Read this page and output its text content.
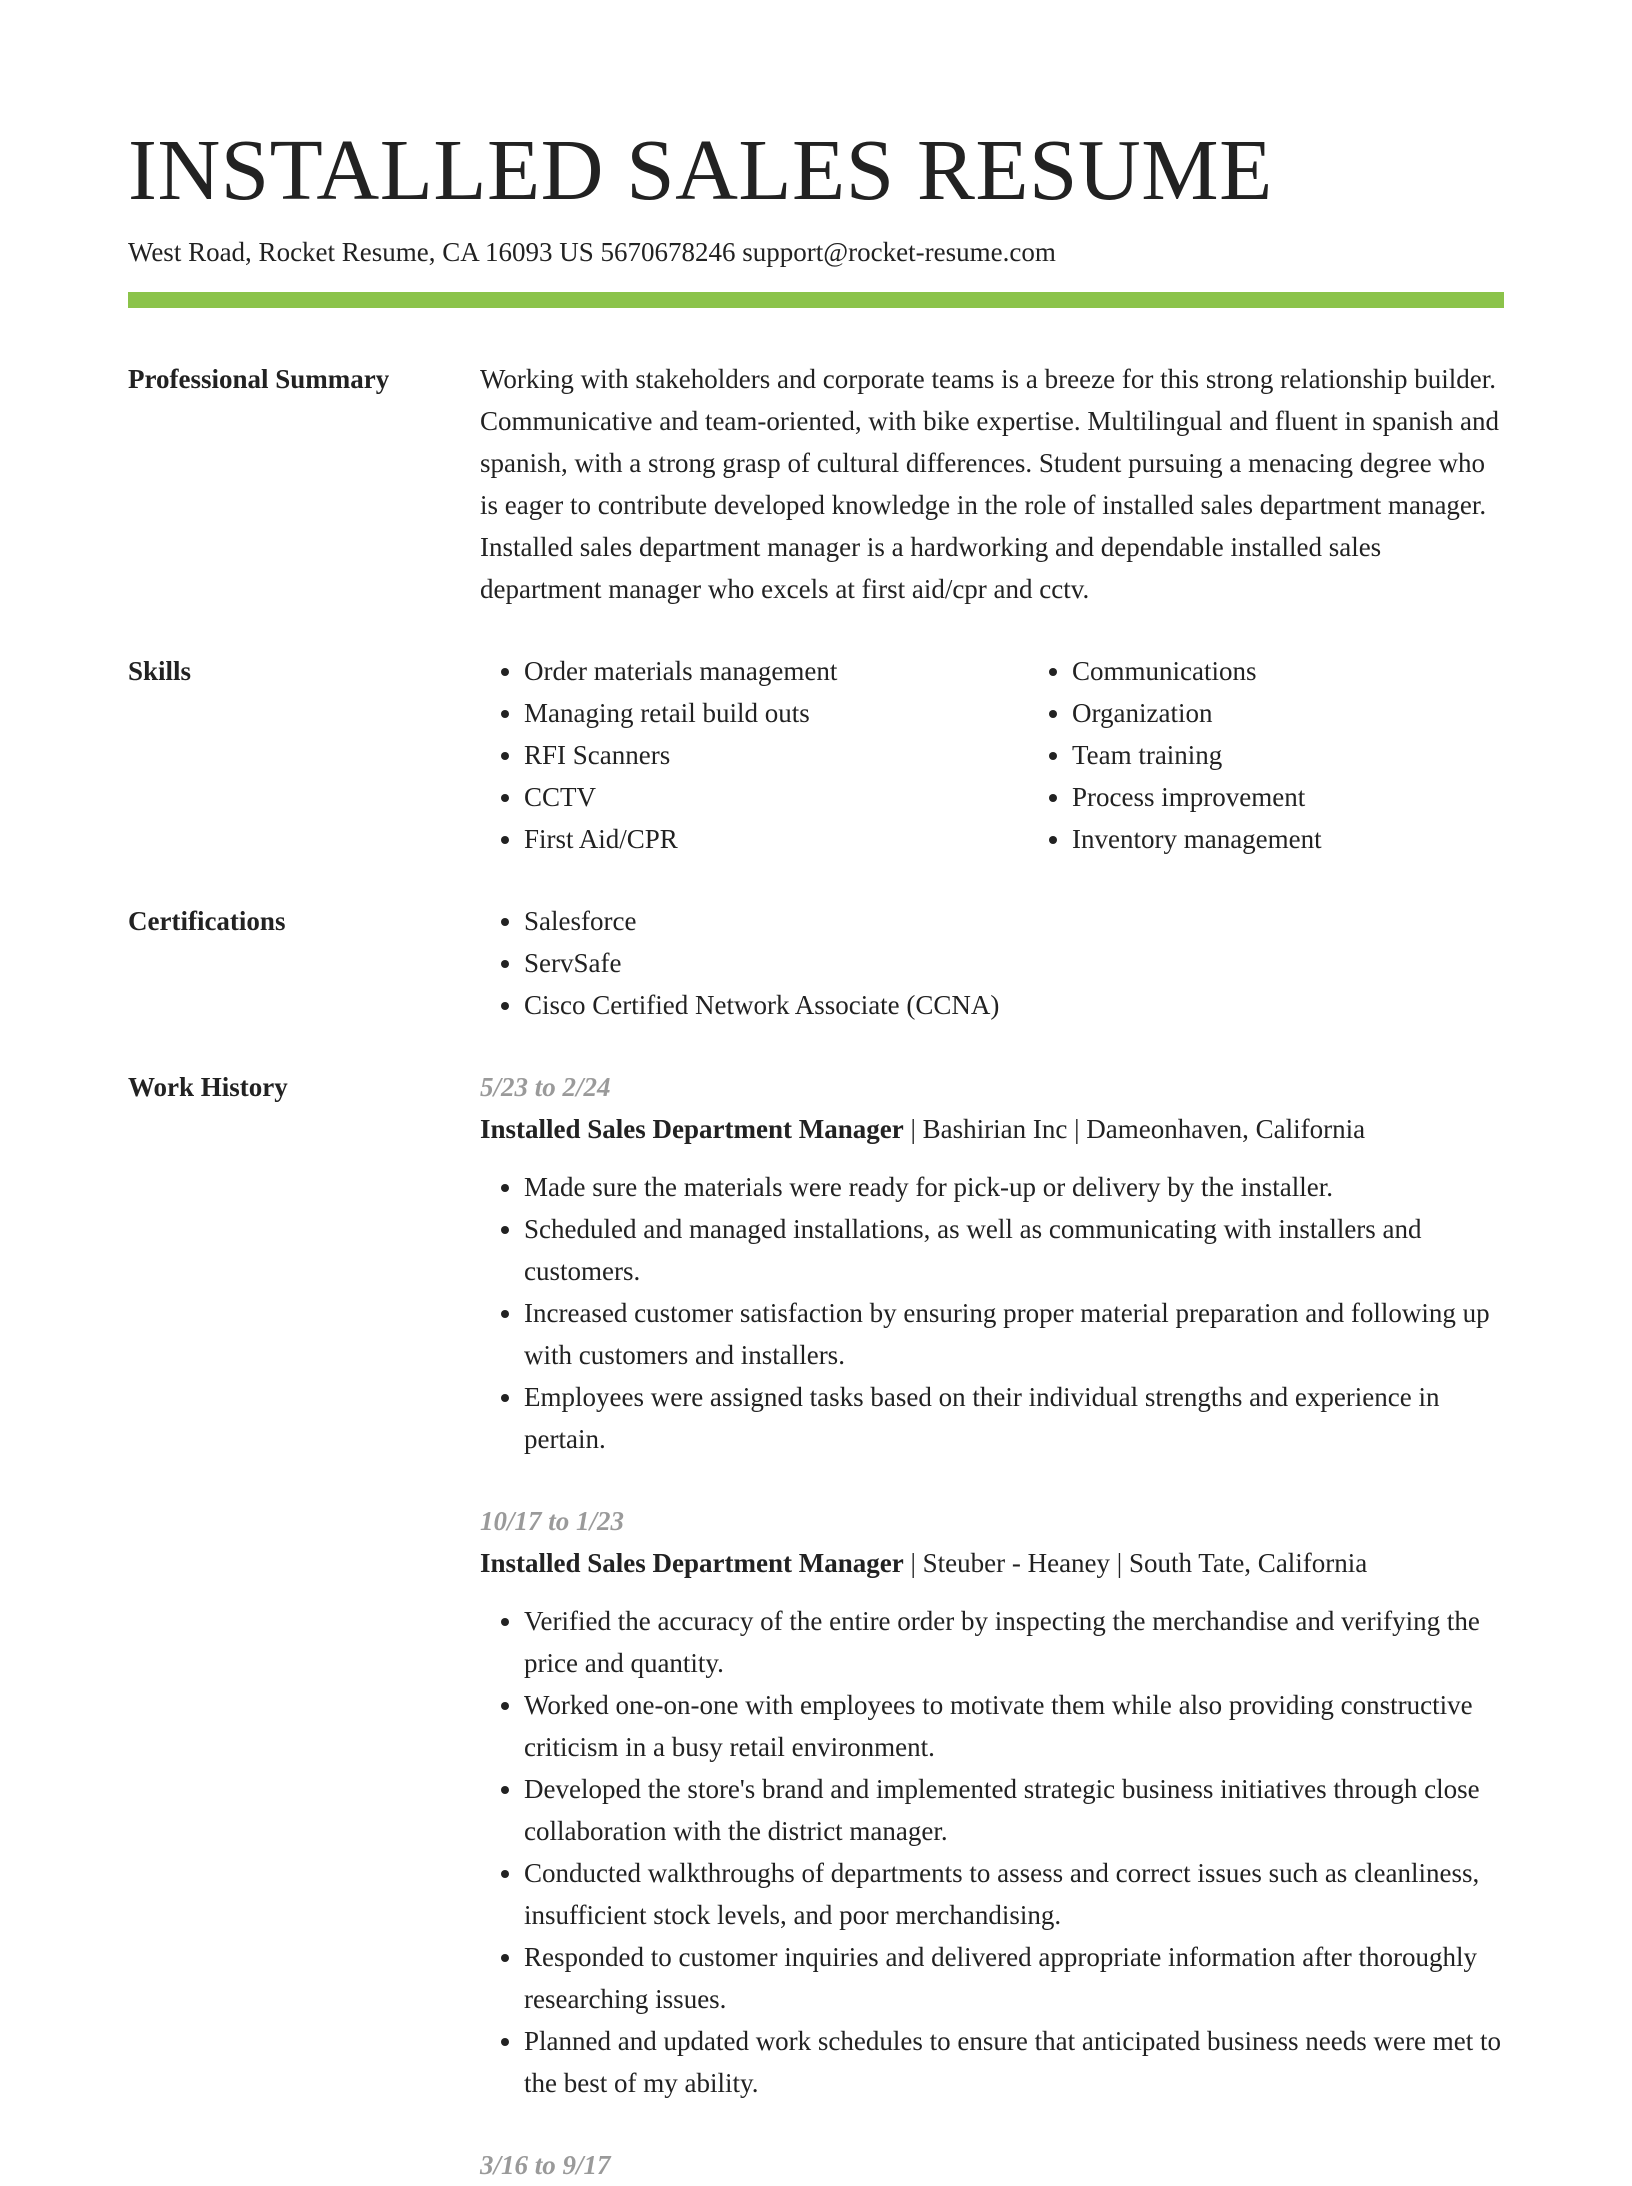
INSTALLED SALES RESUME
West Road, Rocket Resume, CA 16093 US 5670678246 support@rocket-resume.com
Professional Summary	Working with stakeholders and corporate teams is a breeze for this strong relationship builder. Communicative and team-oriented, with bike expertise. Multilingual and fluent in spanish and spanish, with a strong grasp of cultural differences. Student pursuing a menacing degree who is eager to contribute developed knowledge in the role of installed sales department manager. Installed sales department manager is a hardworking and dependable installed sales department manager who excels at first aid/cpr and cctv.

Skills	• Order materials management
• Managing retail build outs
• RFI Scanners
• CCTV
• First Aid/CPR
• Communications
• Organization
• Team training
• Process improvement
• Inventory management
Certifications	• Salesforce
• ServSafe
• Cisco Certified Network Associate (CCNA)
Work History	5/23 to 2/24
Installed Sales Department Manager | Bashirian Inc | Dameonhaven, California
• Made sure the materials were ready for pick-up or delivery by the installer.
• Scheduled and managed installations, as well as communicating with installers and customers.
• Increased customer satisfaction by ensuring proper material preparation and following up with customers and installers.
• Employees were assigned tasks based on their individual strengths and experience in pertain.
10/17 to 1/23
Installed Sales Department Manager | Steuber - Heaney | South Tate, California
• Verified the accuracy of the entire order by inspecting the merchandise and verifying the price and quantity.
• Worked one-on-one with employees to motivate them while also providing constructive criticism in a busy retail environment.
• Developed the store's brand and implemented strategic business initiatives through close collaboration with the district manager.
• Conducted walkthroughs of departments to assess and correct issues such as cleanliness, insufficient stock levels, and poor merchandising.
• Responded to customer inquiries and delivered appropriate information after thoroughly researching issues.
• Planned and updated work schedules to ensure that anticipated business needs were met to the best of my ability.
3/16 to 9/17
